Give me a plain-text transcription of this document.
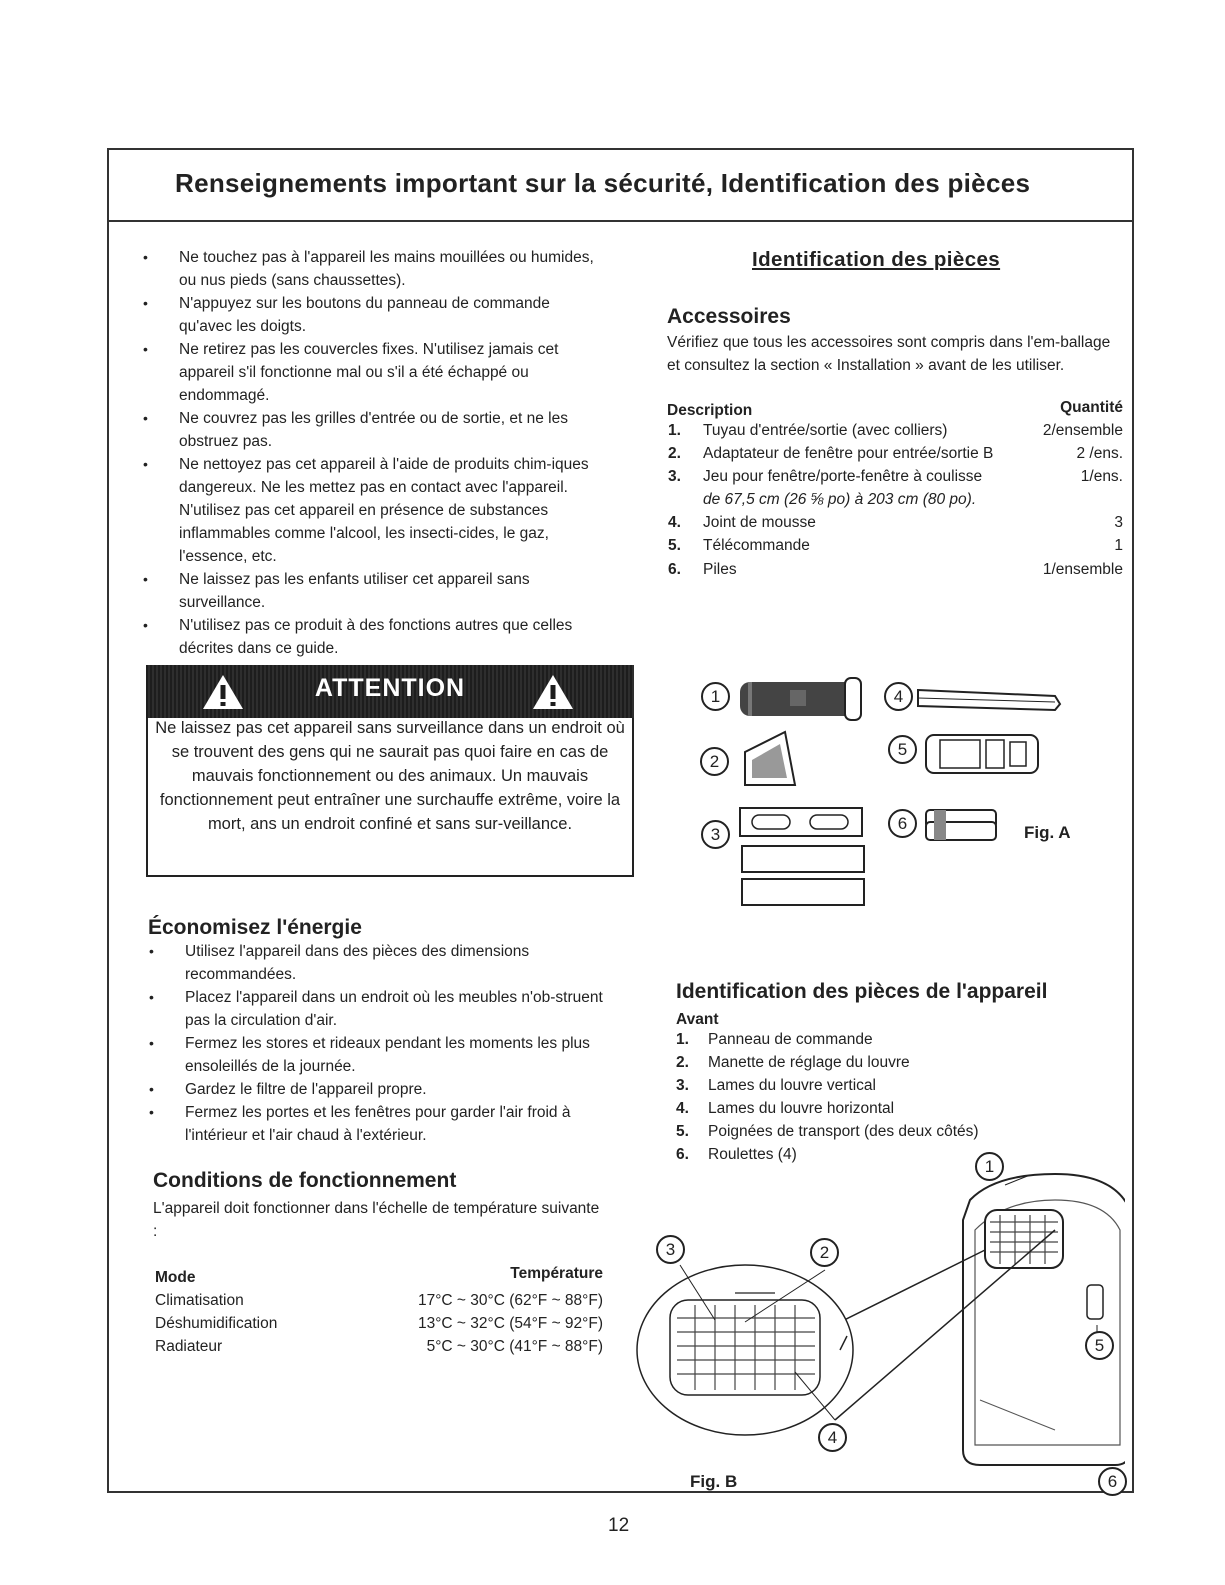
Renseignements important sur la sécurité, Identification des pièces
• Ne touchez pas à l'appareil les mains mouillées ou humides, ou nus pieds (sans chaussettes).
• N'appuyez sur les boutons du panneau de commande qu'avec les doigts.
• Ne retirez pas les couvercles fixes. N'utilisez jamais cet appareil s'il fonctionne mal ou s'il a été échappé ou endommagé.
• Ne couvrez pas les grilles d'entrée ou de sortie, et ne les obstruez pas.
• Ne nettoyez pas cet appareil à l'aide de produits chim-iques dangereux. Ne les mettez pas en contact avec l'appareil. N'utilisez pas cet appareil en présence de substances inflammables comme l'alcool, les insecti-cides, le gaz, l'essence, etc.
• Ne laissez pas les enfants utiliser cet appareil sans surveillance.
• N'utilisez pas ce produit à des fonctions autres que celles décrites dans ce guide.
ATTENTION
Ne laissez pas cet appareil sans surveillance dans un endroit où se trouvent des gens qui ne saurait pas quoi faire en cas de mauvais fonctionnement ou des animaux. Un mauvais fonctionnement peut entraîner une surchauffe extrême, voire la mort, ans un endroit confiné et sans sur-veillance.
Économisez l'énergie
• Utilisez l'appareil dans des pièces des dimensions recommandées.
• Placez l'appareil dans un endroit où les meubles n'ob-struent pas la circulation d'air.
• Fermez les stores et rideaux pendant les moments les plus ensoleillés de la journée.
• Gardez le filtre de l'appareil propre.
• Fermez les portes et les fenêtres pour garder l'air froid à l'intérieur et l'air chaud à l'extérieur.
Conditions de fonctionnement
L'appareil doit fonctionner dans l'échelle de température suivante :
Mode	Température
Climatisation	17°C ~ 30°C (62°F ~ 88°F)
Déshumidification	13°C ~ 32°C (54°F ~ 92°F)
Radiateur	5°C ~ 30°C (41°F ~ 88°F)
Identification des pièces
Accessoires
Vérifiez que tous les accessoires sont compris dans l'em-ballage et consultez la section « Installation » avant de les utiliser.
Description	Quantité
1. Tuyau d'entrée/sortie (avec colliers)	2/ensemble
2. Adaptateur de fenêtre pour entrée/sortie B	2 /ens.
3. Jeu pour fenêtre/porte-fenêtre à coulisse	1/ens.
de 67,5 cm (26 ⅝ po) à 203 cm (80 po).
4. Joint de mousse	3
5. Télécommande	1
6. Piles	1/ensemble
1	4
2
5
3
6	Fig. A
Identification des pièces de l'appareil
Avant
1. Panneau de commande
2. Manette de réglage du louvre
3. Lames du louvre vertical
4. Lames du louvre horizontal
5. Poignées de transport (des deux côtés)
6. Roulettes (4)
1
2
3
4
5
6
Fig. B
12
